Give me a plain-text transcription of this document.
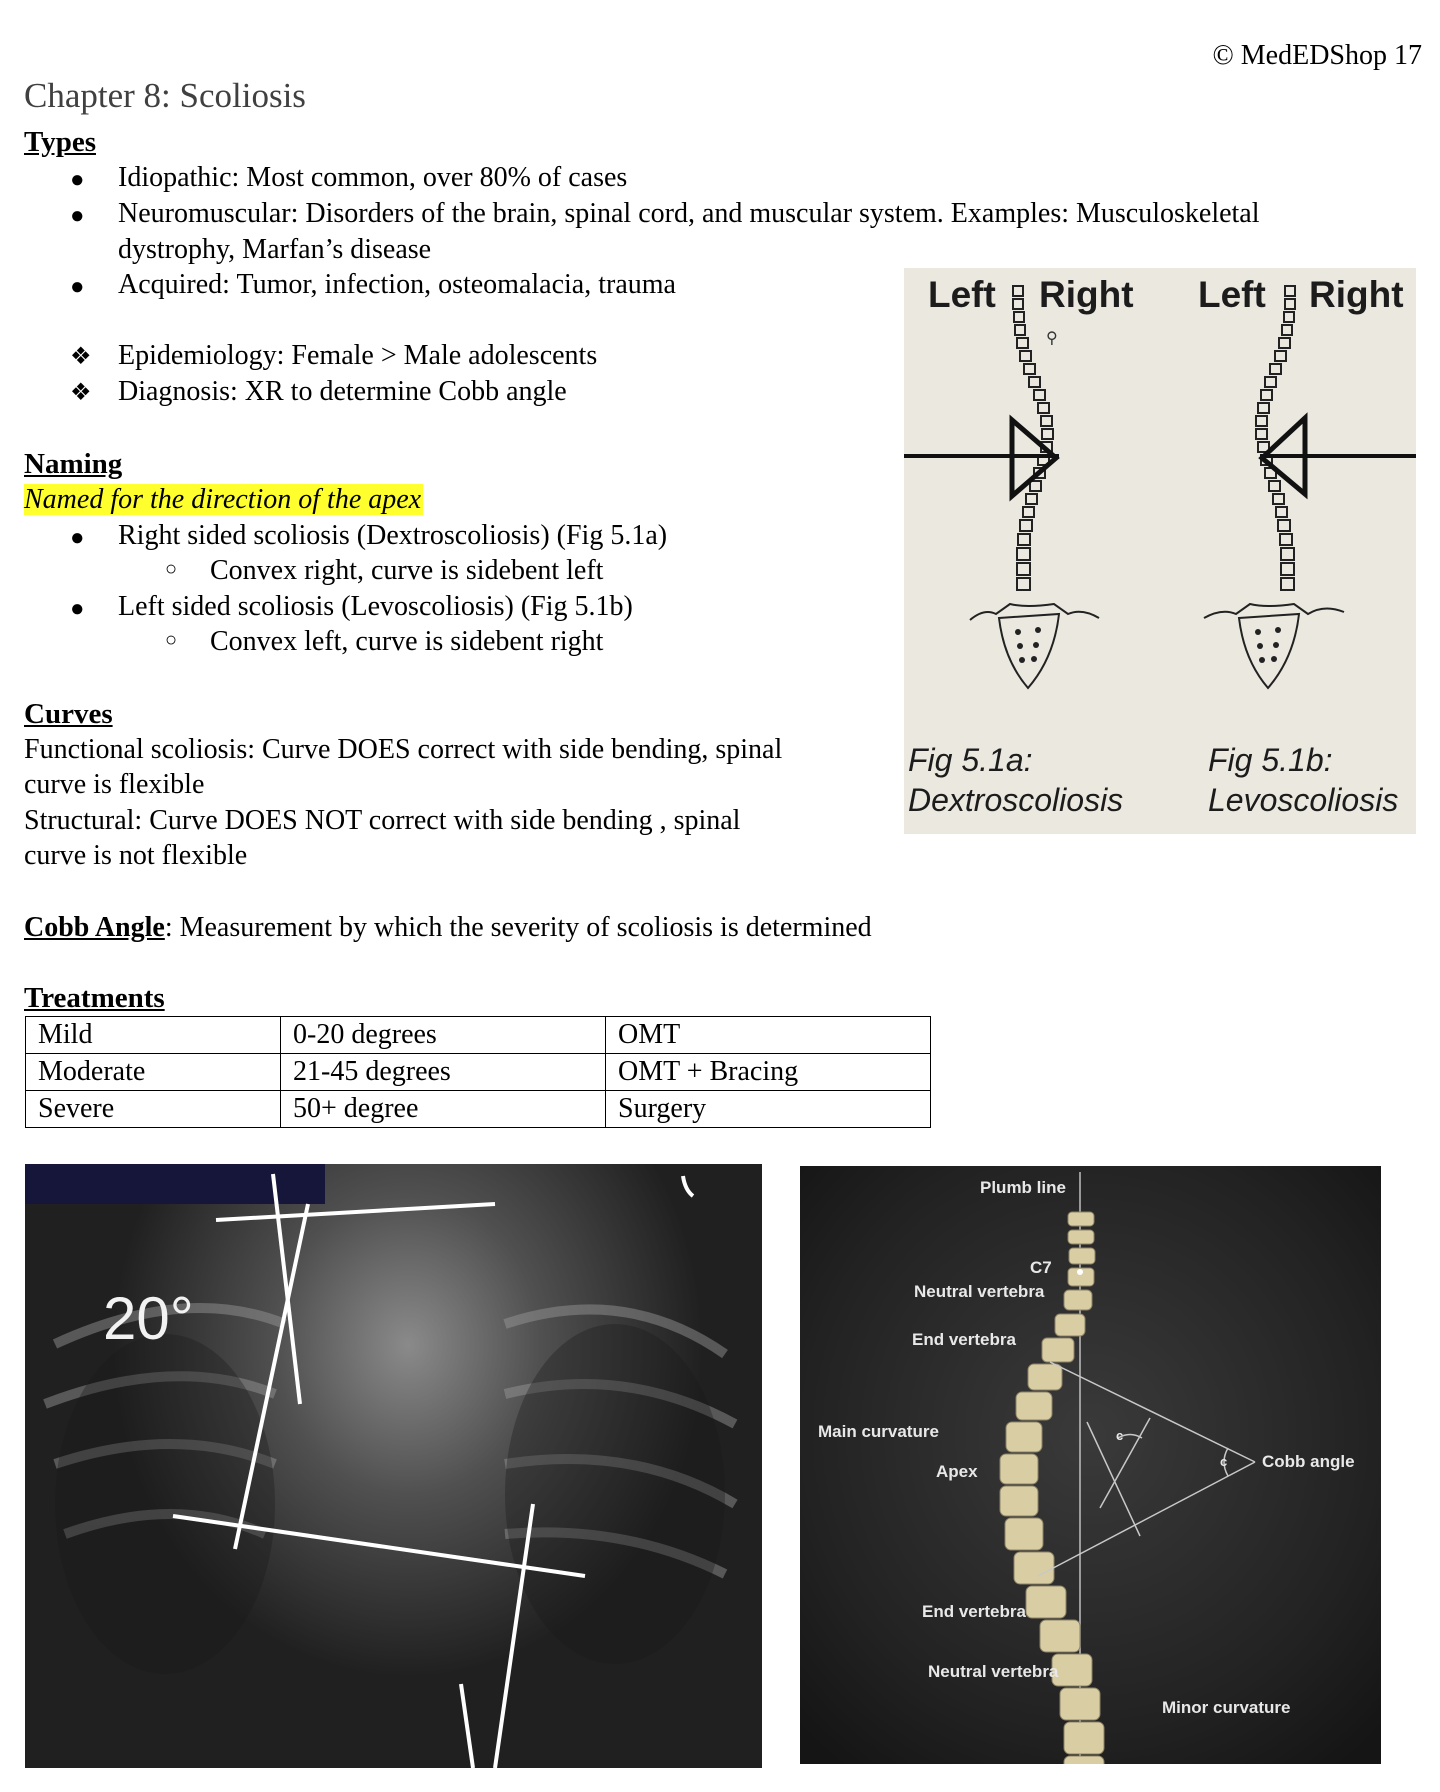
© MedEDShop 17
Chapter 8: Scoliosis
Types
● Idiopathic: Most common, over 80% of cases
● Neuromuscular: Disorders of the brain, spinal cord, and muscular system. Examples: Musculoskeletal
dystrophy, Marfan’s disease
● Acquired: Tumor, infection, osteomalacia, trauma
❖ Epidemiology: Female > Male adolescents
❖ Diagnosis: XR to determine Cobb angle
Naming
Named for the direction of the apex
● Right sided scoliosis (Dextroscoliosis) (Fig 5.1a)
○ Convex right, curve is sidebent left
● Left sided scoliosis (Levoscoliosis) (Fig 5.1b)
○ Convex left, curve is sidebent right
Curves
Functional scoliosis: Curve DOES correct with side bending, spinal
curve is flexible
Structural: Curve DOES NOT correct with side bending , spinal
curve is not flexible
Cobb Angle: Measurement by which the severity of scoliosis is determined
Treatments
Mild	0-20 degrees	OMT
Moderate	21-45 degrees	OMT + Bracing
Severe	50+ degree	Surgery
Left Right Left Right
⚲
Fig 5.1a:
Dextroscoliosis
Fig 5.1b:
Levoscoliosis
20°
Plumb line
C7
Neutral vertebra
End vertebra
Main curvature
Apex
c
c Cobb angle
End vertebra
Neutral vertebra
Minor curvature
